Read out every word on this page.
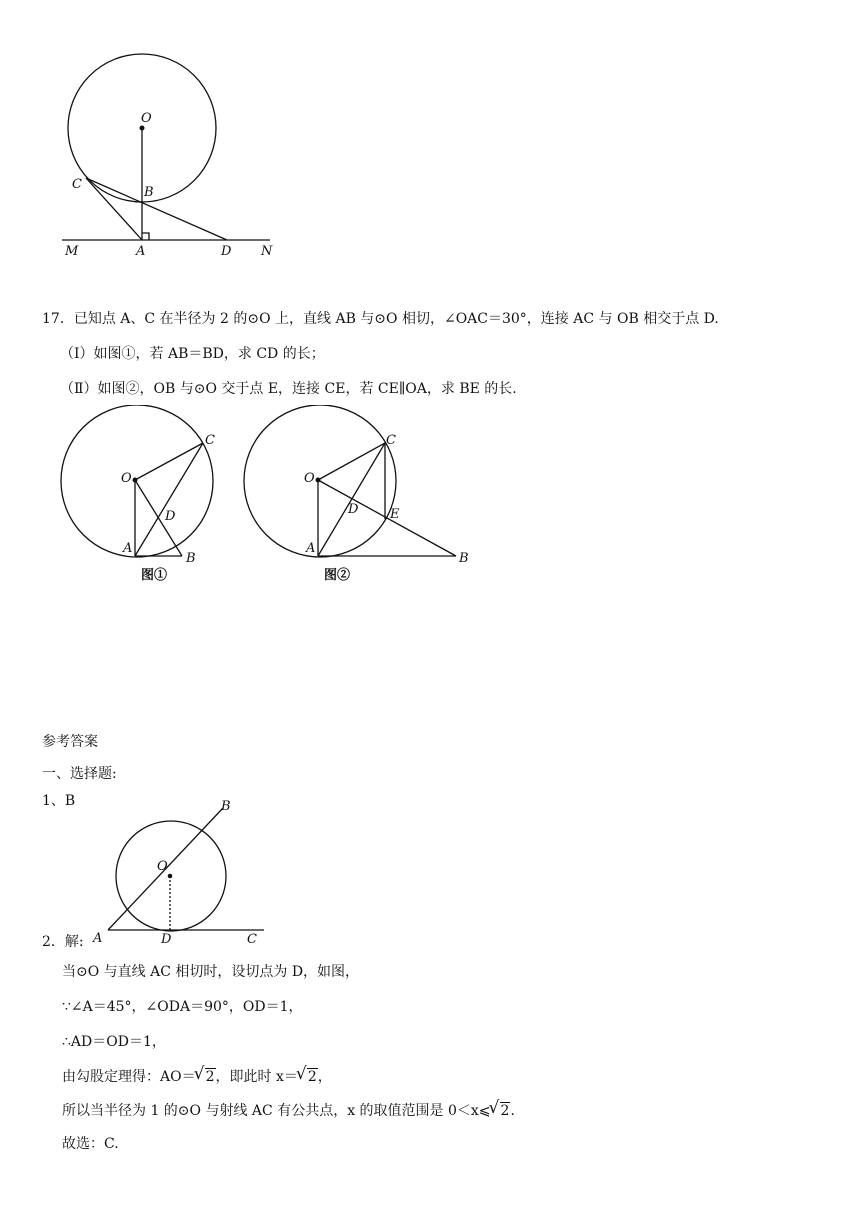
O
C
B
M	A	D N
17．已知点 A、C 在半径为 2 的⊙O 上，直线 AB 与⊙O 相切，∠OAC＝30°，连接 AC 与 OB 相交于点 D.
（Ⅰ）如图①，若 AB＝BD，求 CD 的长；
（Ⅱ）如图②，OB 与⊙O 交于点 E，连接 CE，若 CE∥OA，求 BE 的长.
O
C
D
A
B
图①
O
C
D E
A
B
图②
参考答案
一、选择题:
1、B	B
O
A	D	C
2．解:
当⊙O 与直线 AC 相切时，设切点为 D，如图，
∵∠A＝45°，∠ODA＝90°，OD＝1，
∴AD＝OD＝1，
由勾股定理得：AO＝ √ 2，即此时 x＝ √ 2，
所以当半径为 1 的⊙O 与射线 AC 有公共点，x 的取值范围是 0＜x⩽ √ 2.
故选：C.
